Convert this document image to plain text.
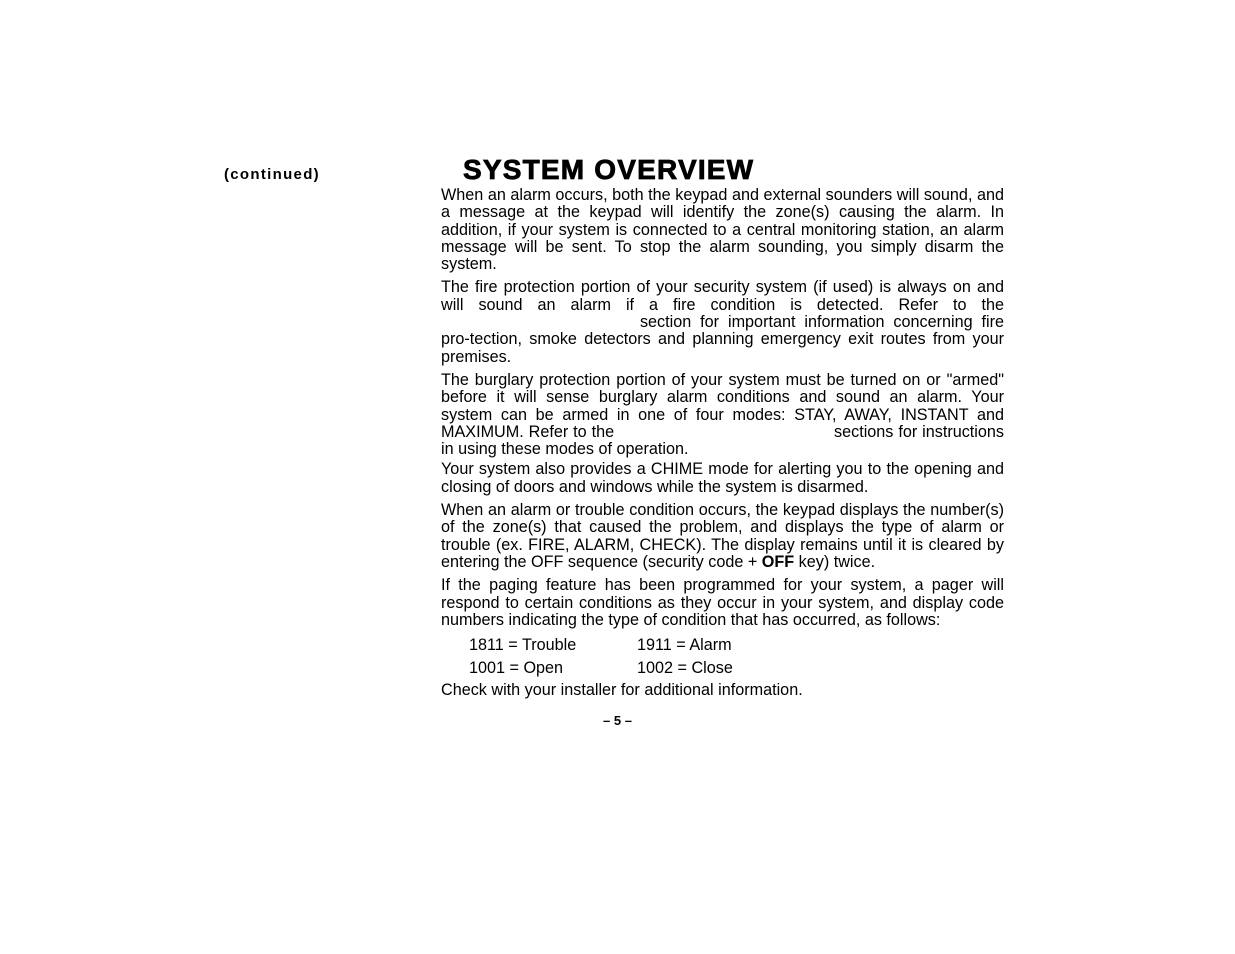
(continued)	SYSTEM OVERVIEW

When an alarm occurs, both the keypad and external sounders will sound, and a message at the keypad will identify the zone(s) causing the alarm. In addition, if your system is connected to a central monitoring station, an alarm message will be sent. To stop the alarm sounding, you simply disarm the system.

The fire protection portion of your security system (if used) is always on and will sound an alarm if a fire condition is detected. Refer to the section for important information concerning fire pro-tection, smoke detectors and planning emergency exit routes from your premises.

The burglary protection portion of your system must be turned on or "armed" before it will sense burglary alarm conditions and sound an alarm. Your system can be armed in one of four modes: STAY, AWAY, INSTANT and MAXIMUM. Refer to the	sections for instructions in using these modes of operation.

Your system also provides a CHIME mode for alerting you to the opening and closing of doors and windows while the system is disarmed.

When an alarm or trouble condition occurs, the keypad displays the number(s) of the zone(s) that caused the problem, and displays the type of alarm or trouble (ex. FIRE, ALARM, CHECK). The display remains until it is cleared by entering the OFF sequence (security code + OFF key) twice.

If the paging feature has been programmed for your system, a pager will respond to certain conditions as they occur in your system, and display code numbers indicating the type of condition that has occurred, as follows:

1811 = Trouble	1911 = Alarm
1001 = Open	1002 = Close

Check with your installer for additional information.

– 5 –
